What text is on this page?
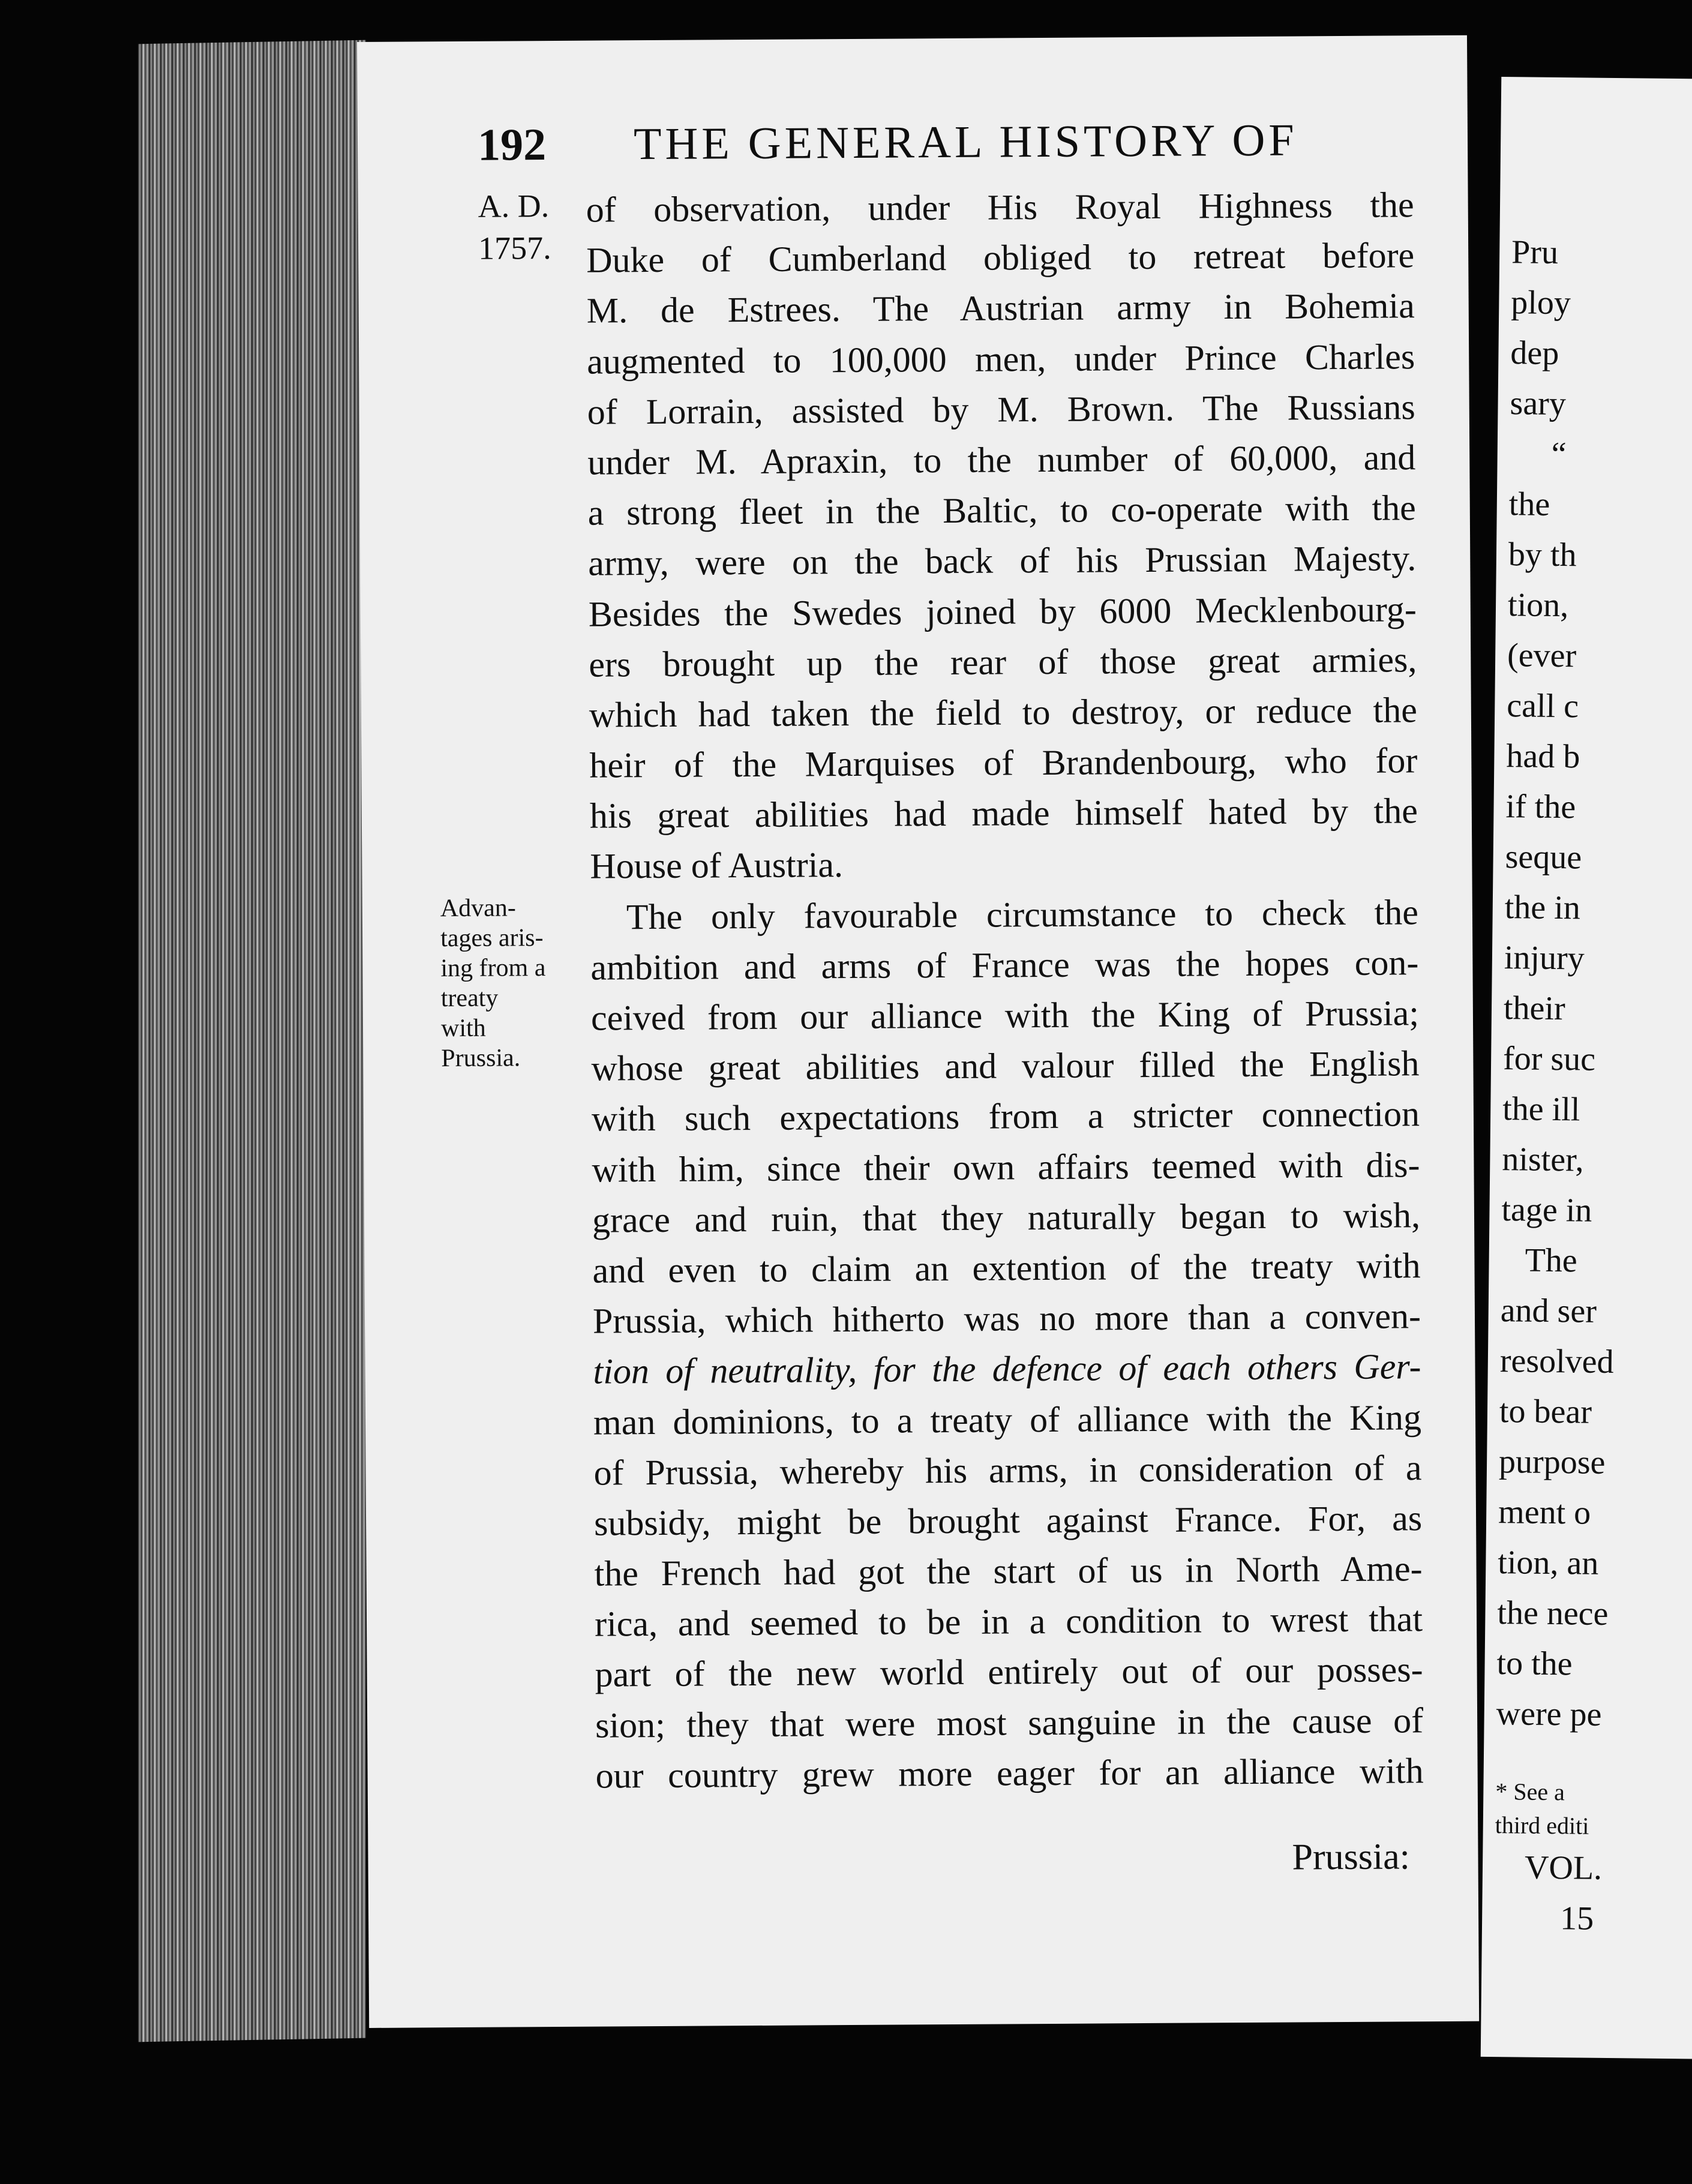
192 THE GENERAL HISTORY OF
A. D.
1757.
Advan-
tages aris-
ing from a
treaty with
Prussia.
of observation, under His Royal Highness the
Duke of Cumberland obliged to retreat before
M. de Estrees. The Austrian army in Bohemia
augmented to 100,000 men, under Prince Charles
of Lorrain, assisted by M. Brown. The Russians
under M. Apraxin, to the number of 60,000, and
a strong fleet in the Baltic, to co-operate with the
army, were on the back of his Prussian Majesty.
Besides the Swedes joined by 6000 Mecklenbourg-
ers brought up the rear of those great armies,
which had taken the field to destroy, or reduce the
heir of the Marquises of Brandenbourg, who for
his great abilities had made himself hated by the
House of Austria.
The only favourable circumstance to check the
ambition and arms of France was the hopes con-
ceived from our alliance with the King of Prussia;
whose great abilities and valour filled the English
with such expectations from a stricter connection
with him, since their own affairs teemed with dis-
grace and ruin, that they naturally began to wish,
and even to claim an extention of the treaty with
Prussia, which hitherto was no more than a conven-
tion of neutrality, for the defence of each others Ger-
man dominions, to a treaty of alliance with the King
of Prussia, whereby his arms, in consideration of a
subsidy, might be brought against France. For, as
the French had got the start of us in North Ame-
rica, and seemed to be in a condition to wrest that
part of the new world entirely out of our posses-
sion; they that were most sanguine in the cause of
our country grew more eager for an alliance with
Prussia:
Pru
ploy
dep
sary
“
the
by th
tion,
(ever
call c
had b
if the
seque
the in
injury
their
for suc
the ill
nister,
tage in
The
and ser
resolved
to bear
purpose
ment o
tion, an
the nece
to the
were pe
* See a
third editi
VOL.
15
